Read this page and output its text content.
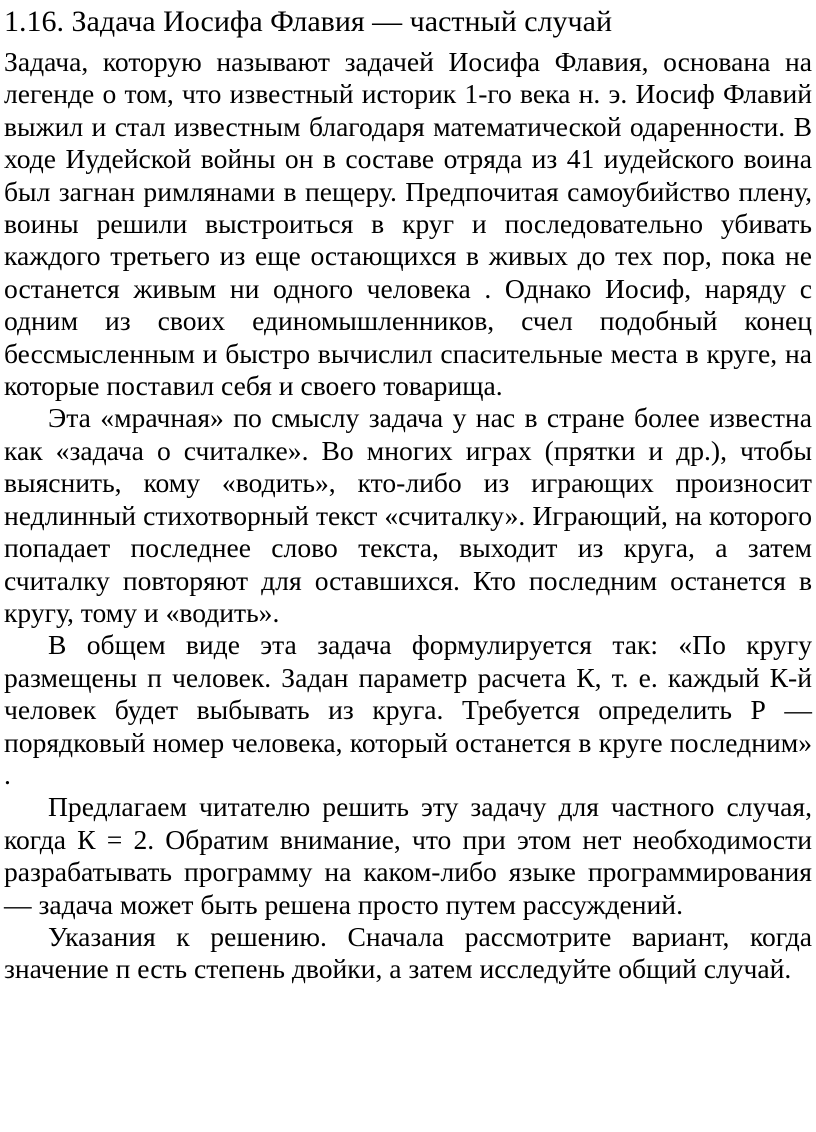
1.16. Задача Иосифа Флавия — частный случай

Задача, которую называют задачей Иосифа Флавия, основана на легенде о том, что известный историк 1-го века н. э. Иосиф Флавий выжил и стал известным благодаря математической одаренности. В ходе Иудейской войны он в составе отряда из 41 иудейского воина был загнан римлянами в пещеру. Предпочитая самоубийство плену, воины решили выстроиться в круг и последовательно убивать каждого третьего из еще остающихся в живых до тех пор, пока не останется живым ни одного человека . Однако Иосиф, наряду с одним из своих единомышленников, счел подобный конец бессмысленным и быстро вычислил спасительные места в круге, на которые поставил себя и своего товарища.

Эта «мрачная» по смыслу задача у нас в стране более известна как «задача о считалке». Во многих играх (прятки и др.), чтобы выяснить, кому «водить», кто-либо из играющих произносит недлинный стихотворный текст «считалку». Играющий, на которого попадает последнее слово текста, выходит из круга, а затем считалку повторяют для оставшихся. Кто последним останется в кругу, тому и «водить».

В общем виде эта задача формулируется так: «По кругу размещены п человек. Задан параметр расчета К, т. е. каждый К-й человек будет выбывать из круга. Требуется определить Р — порядковый номер человека, который останется в круге последним» .

Предлагаем читателю решить эту задачу для частного случая, когда К = 2. Обратим внимание, что при этом нет необходимости разрабатывать программу на каком-либо языке программирования — задача может быть решена просто путем рассуждений.

Указания к решению. Сначала рассмотрите вариант, когда значение п есть степень двойки, а затем исследуйте общий случай.
